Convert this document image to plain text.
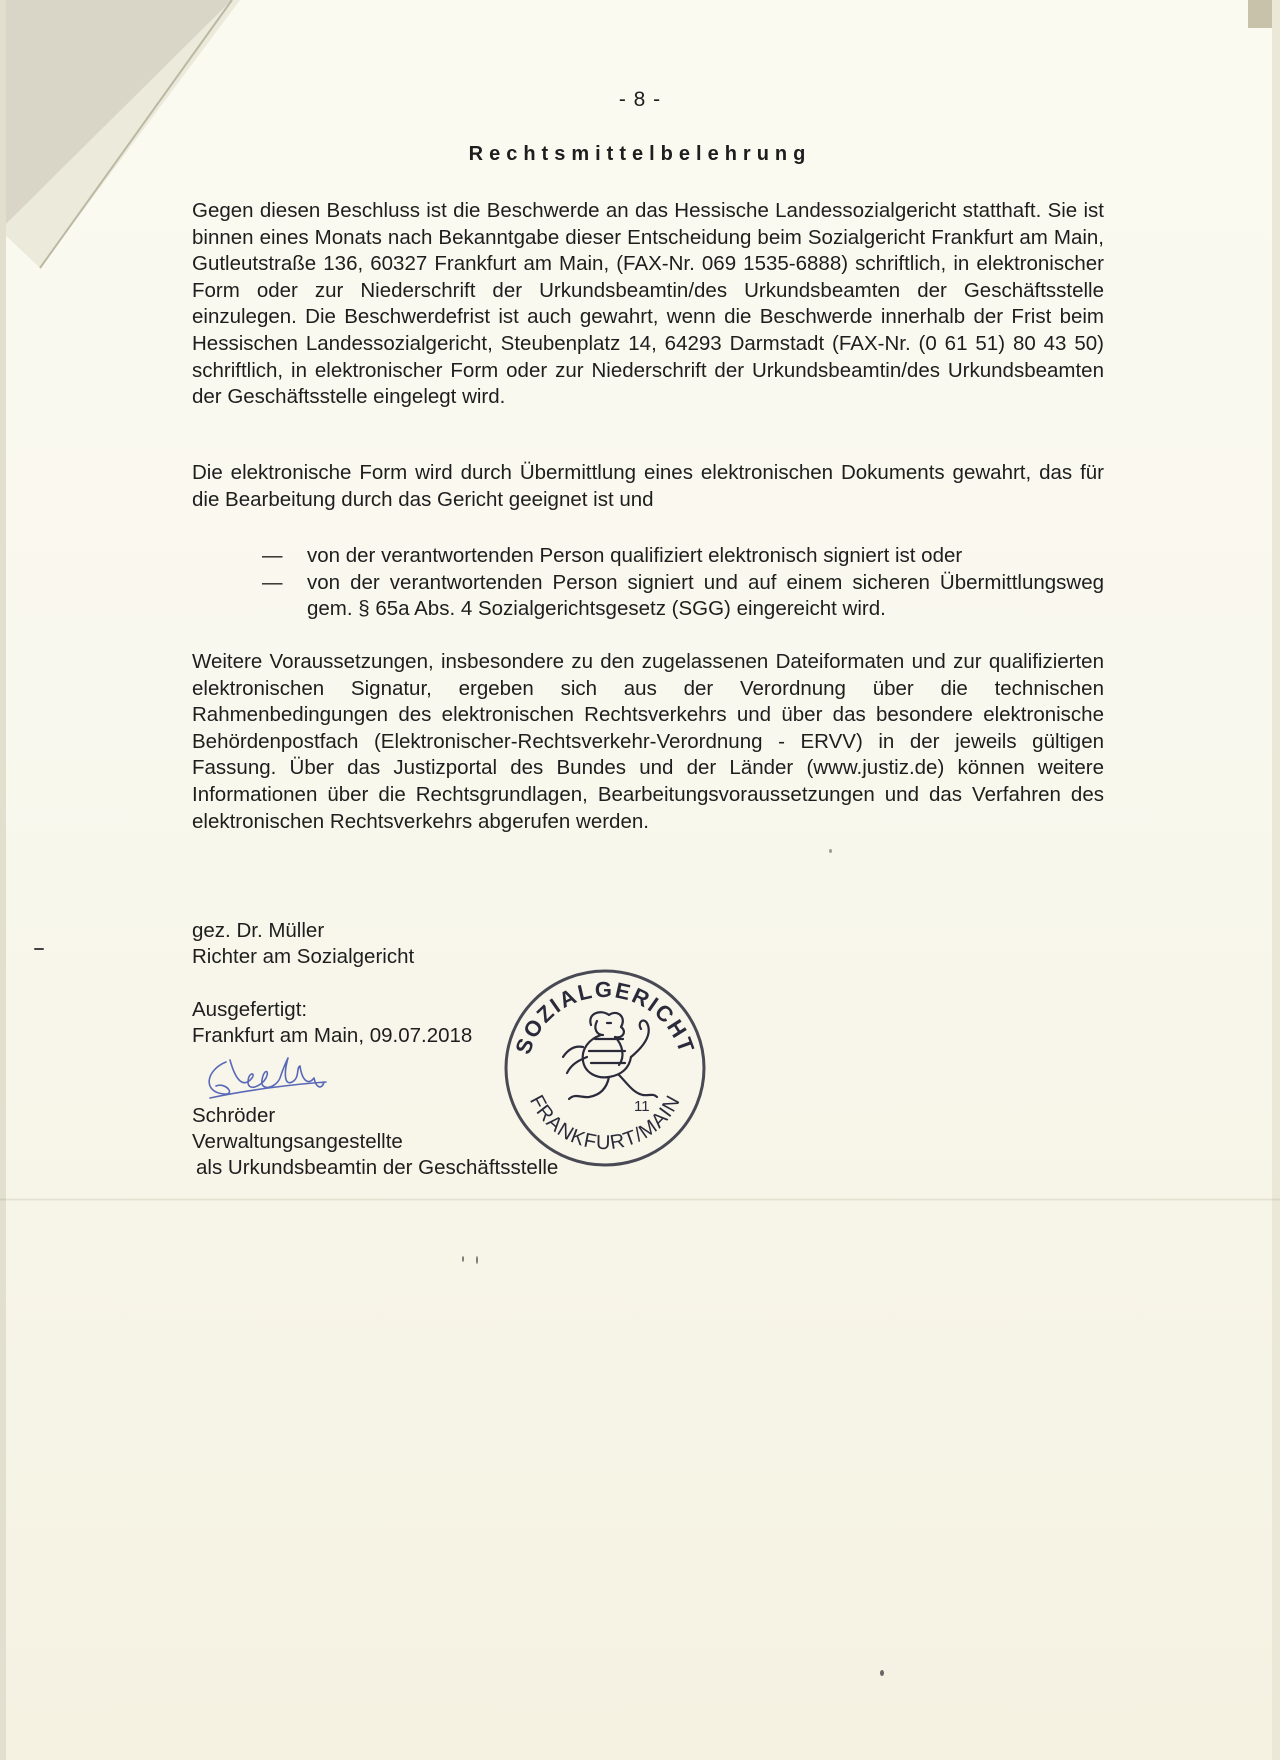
- 8 -
Rechtsmittelbelehrung

Gegen diesen Beschluss ist die Beschwerde an das Hessische Landessozialgericht statthaft. Sie ist binnen eines Monats nach Bekanntgabe dieser Entscheidung beim Sozialgericht Frankfurt am Main, Gutleutstraße 136, 60327 Frankfurt am Main, (FAX-Nr. 069 1535-6888) schriftlich, in elektronischer Form oder zur Niederschrift der Urkundsbeamtin/des Urkundsbeamten der Geschäftsstelle einzulegen. Die Beschwerdefrist ist auch gewahrt, wenn die Beschwerde innerhalb der Frist beim Hessischen Landessozialgericht, Steubenplatz 14, 64293 Darmstadt (FAX-Nr. (0 61 51) 80 43 50) schriftlich, in elektronischer Form oder zur Niederschrift der Urkundsbeamtin/des Urkundsbeamten der Geschäftsstelle eingelegt wird.

Die elektronische Form wird durch Übermittlung eines elektronischen Dokuments gewahrt, das für die Bearbeitung durch das Gericht geeignet ist und

— von der verantwortenden Person qualifiziert elektronisch signiert ist oder
— von der verantwortenden Person signiert und auf einem sicheren Übermittlungsweg gem. § 65a Abs. 4 Sozialgerichtsgesetz (SGG) eingereicht wird.

Weitere Voraussetzungen, insbesondere zu den zugelassenen Dateiformaten und zur qualifizierten elektronischen Signatur, ergeben sich aus der Verordnung über die technischen Rahmenbedingungen des elektronischen Rechtsverkehrs und über das besondere elektronische Behördenpostfach (Elektronischer-Rechtsverkehr-Verordnung - ERVV) in der jeweils gültigen Fassung. Über das Justizportal des Bundes und der Länder (www.justiz.de) können weitere Informationen über die Rechtsgrundlagen, Bearbeitungsvoraussetzungen und das Verfahren des elektronischen Rechtsverkehrs abgerufen werden.

gez. Dr. Müller
Richter am Sozialgericht
Ausgefertigt:
Frankfurt am Main, 09.07.2018
Schröder
Verwaltungsangestellte
als Urkundsbeamtin der Geschäftsstelle
SOZIALGERICHT
FRANKFURT/MAIN
11
